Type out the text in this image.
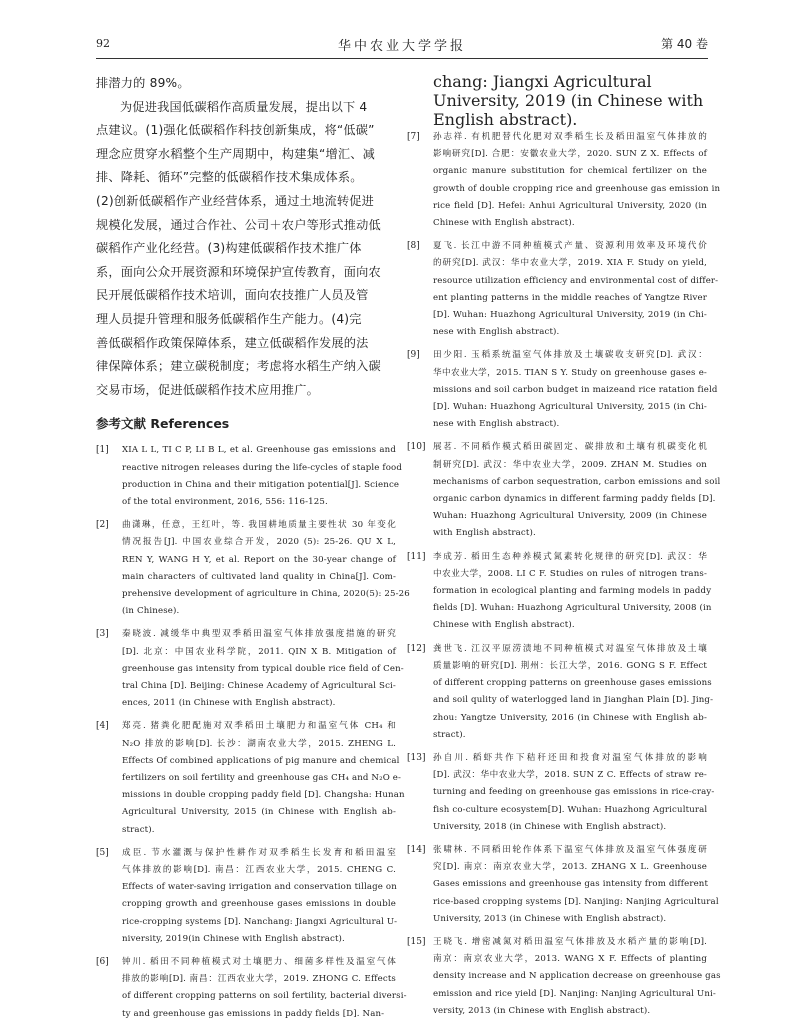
92	华中农业大学学报	第 40 卷
排潜力的 89%。
为促进我国低碳稻作高质量发展，提出以下 4
点建议。(1)强化低碳稻作科技创新集成，将“低碳”
理念应贯穿水稻整个生产周期中，构建集“增汇、减
排、降耗、循环”完整的低碳稻作技术集成体系。
(2)创新低碳稻作产业经营体系，通过土地流转促进
规模化发展，通过合作社、公司＋农户等形式推动低
碳稻作产业化经营。(3)构建低碳稻作技术推广体
系，面向公众开展资源和环境保护宣传教育，面向农
民开展低碳稻作技术培训，面向农技推广人员及管
理人员提升管理和服务低碳稻作生产能力。(4)完
善低碳稻作政策保障体系，建立低碳稻作发展的法
律保障体系；建立碳税制度；考虑将水稻生产纳入碳
交易市场，促进低碳稻作技术应用推广。
参考文献 References
[1] XIA L L, TI C P, LI B L, et al. Greenhouse gas emissions and
reactive nitrogen releases during the life-cycles of staple food
production in China and their mitigation potential[J]. Science
of the total environment, 2016, 556: 116-125.
[2] 曲潇琳，任意，王红叶，等. 我国耕地质量主要性状 30 年变化
情况报告[J]. 中国农业综合开发，2020 (5): 25-26. QU X L,
REN Y, WANG H Y, et al. Report on the 30-year change of
main characters of cultivated land quality in China[J]. Com-
prehensive development of agriculture in China, 2020(5): 25-26
(in Chinese).
[3] 秦晓波. 减缓华中典型双季稻田温室气体排放强度措施的研究
[D]. 北京：中国农业科学院，2011. QIN X B. Mitigation of
greenhouse gas intensity from typical double rice field of Cen-
tral China [D]. Beijing: Chinese Academy of Agricultural Sci-
ences, 2011 (in Chinese with English abstract).
[4] 郑亮. 猪粪化肥配施对双季稻田土壤肥力和温室气体 CH₄ 和
N₂O 排放的影响[D]. 长沙：湖南农业大学，2015. ZHENG L.
Effects Of combined applications of pig manure and chemical
fertilizers on soil fertility and greenhouse gas CH₄ and N₂O e-
missions in double cropping paddy field [D]. Changsha: Hunan
Agricultural University, 2015 (in Chinese with English ab-
stract).
[5] 成臣. 节水灌溉与保护性耕作对双季稻生长发育和稻田温室
气体排放的影响[D]. 南昌：江西农业大学，2015. CHENG C.
Effects of water-saving irrigation and conservation tillage on
cropping growth and greenhouse gases emissions in double
rice-cropping systems [D]. Nanchang: Jiangxi Agricultural U-
niversity, 2019(in Chinese with English abstract).
[6] 钟川. 稻田不同种植模式对土壤肥力、细菌多样性及温室气体
排放的影响[D]. 南昌：江西农业大学，2019. ZHONG C. Effects
of different cropping patterns on soil fertility, bacterial diversi-
ty and greenhouse gas emissions in paddy fields [D]. Nan-
chang: Jiangxi Agricultural University, 2019 (in Chinese with
English abstract).
[7] 孙志祥. 有机肥替代化肥对双季稻生长及稻田温室气体排放的
影响研究[D]. 合肥：安徽农业大学，2020. SUN Z X. Effects of
organic manure substitution for chemical fertilizer on the
growth of double cropping rice and greenhouse gas emission in
rice field [D]. Hefei: Anhui Agricultural University, 2020 (in
Chinese with English abstract).
[8] 夏飞. 长江中游不同种植模式产量、资源利用效率及环境代价
的研究[D]. 武汉：华中农业大学，2019. XIA F. Study on yield,
resource utilization efficiency and environmental cost of differ-
ent planting patterns in the middle reaches of Yangtze River
[D]. Wuhan: Huazhong Agricultural University, 2019 (in Chi-
nese with English abstract).
[9] 田少阳. 玉稻系统温室气体排放及土壤碳收支研究[D]. 武汉：
华中农业大学，2015. TIAN S Y. Study on greenhouse gases e-
missions and soil carbon budget in maizeand rice ratation field
[D]. Wuhan: Huazhong Agricultural University, 2015 (in Chi-
nese with English abstract).
[10] 展茗. 不同稻作模式稻田碳固定、碳排放和土壤有机碳变化机
制研究[D]. 武汉：华中农业大学，2009. ZHAN M. Studies on
mechanisms of carbon sequestration, carbon emissions and soil
organic carbon dynamics in different farming paddy fields [D].
Wuhan: Huazhong Agricultural University, 2009 (in Chinese
with English abstract).
[11] 李成芳. 稻田生态种养模式氮素转化规律的研究[D]. 武汉：华
中农业大学，2008. LI C F. Studies on rules of nitrogen trans-
formation in ecological planting and farming models in paddy
fields [D]. Wuhan: Huazhong Agricultural University, 2008 (in
Chinese with English abstract).
[12] 龚世飞. 江汉平原涝渍地不同种植模式对温室气体排放及土壤
质量影响的研究[D]. 荆州：长江大学，2016. GONG S F. Effect
of different cropping patterns on greenhouse gases emissions
and soil qulity of waterlogged land in Jianghan Plain [D]. Jing-
zhou: Yangtze University, 2016 (in Chinese with English ab-
stract).
[13] 孙自川. 稻虾共作下秸秆还田和投食对温室气体排放的影响
[D]. 武汉：华中农业大学，2018. SUN Z C. Effects of straw re-
turning and feeding on greenhouse gas emissions in rice-cray-
fish co-culture ecosystem[D]. Wuhan: Huazhong Agricultural
University, 2018 (in Chinese with English abstract).
[14] 张啸林. 不同稻田轮作体系下温室气体排放及温室气体强度研
究[D]. 南京：南京农业大学，2013. ZHANG X L. Greenhouse
Gases emissions and greenhouse gas intensity from different
rice-based cropping systems [D]. Nanjing: Nanjing Agricultural
University, 2013 (in Chinese with English abstract).
[15] 王晓飞. 增密减氮对稻田温室气体排放及水稻产量的影响[D].
南京：南京农业大学，2013. WANG X F. Effects of planting
density increase and N application decrease on greenhouse gas
emission and rice yield [D]. Nanjing: Nanjing Agricultural Uni-
versity, 2013 (in Chinese with English abstract).
